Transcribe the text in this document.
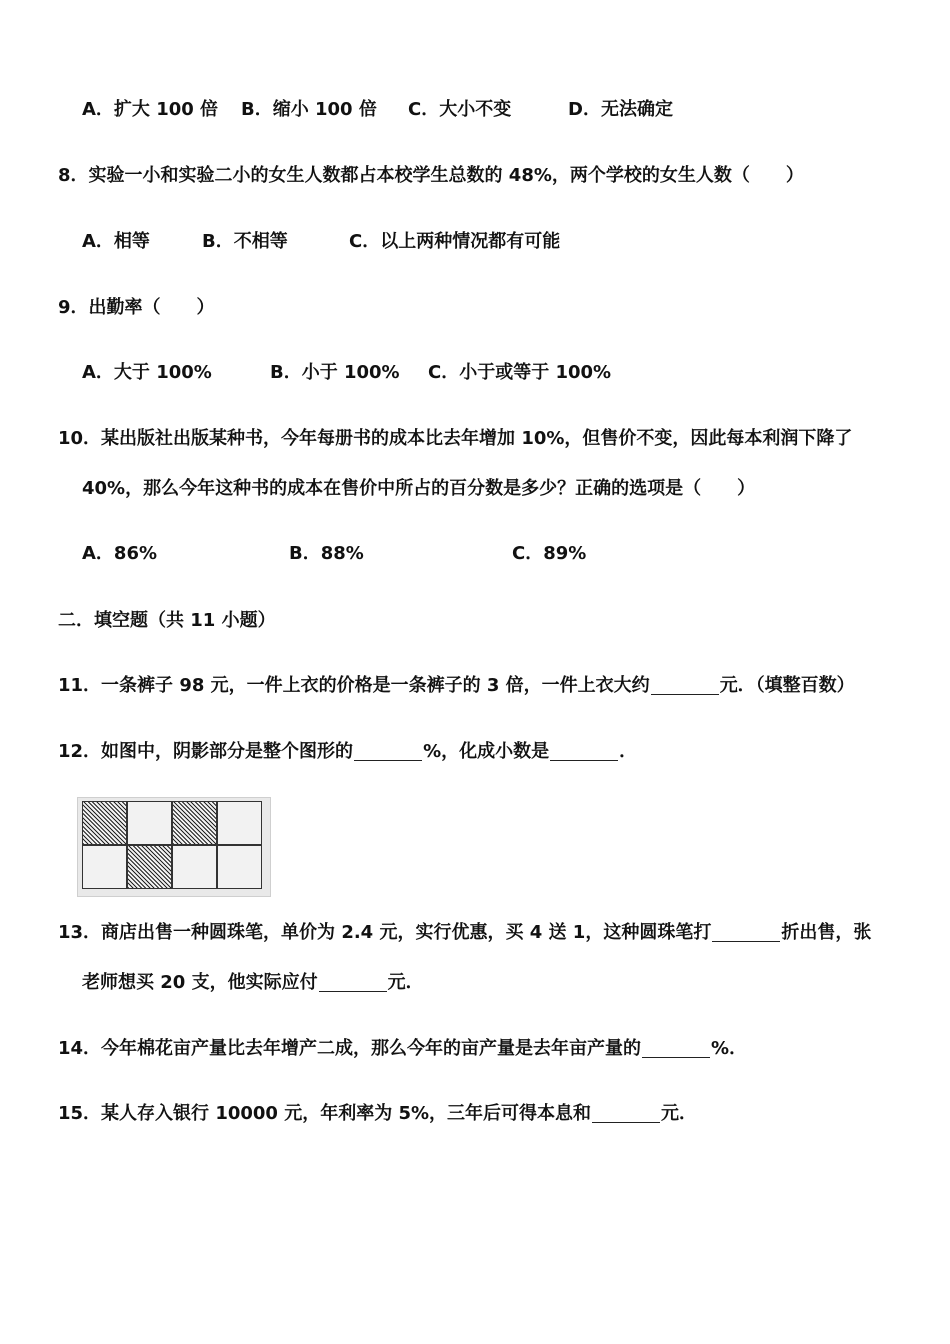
A．扩大 100 倍 B．缩小 100 倍 C．大小不变	D．无法确定
8．实验一小和实验二小的女生人数都占本校学生总数的 48%，两个学校的女生人数（　　）
A．相等	B．不相等	C．以上两种情况都有可能
9．出勤率（　　）
A．大于 100%	B．小于 100% C．小于或等于 100%
10．某出版社出版某种书，今年每册书的成本比去年增加 10%，但售价不变，因此每本利润下降了
40%，那么今年这种书的成本在售价中所占的百分数是多少？正确的选项是（　　）
A．86%	B．88%	C．89%
二．填空题（共 11 小题）
11．一条裤子 98 元，一件上衣的价格是一条裤子的 3 倍，一件上衣大约	元．（填整百数）
12．如图中，阴影部分是整个图形的	%，化成小数是	．
13．商店出售一种圆珠笔，单价为 2.4 元，实行优惠，买 4 送 1，这种圆珠笔打	折出售，张
老师想买 20 支，他实际应付	元．
14．今年棉花亩产量比去年增产二成，那么今年的亩产量是去年亩产量的	%．
15．某人存入银行 10000 元，年利率为 5%，三年后可得本息和	元．
